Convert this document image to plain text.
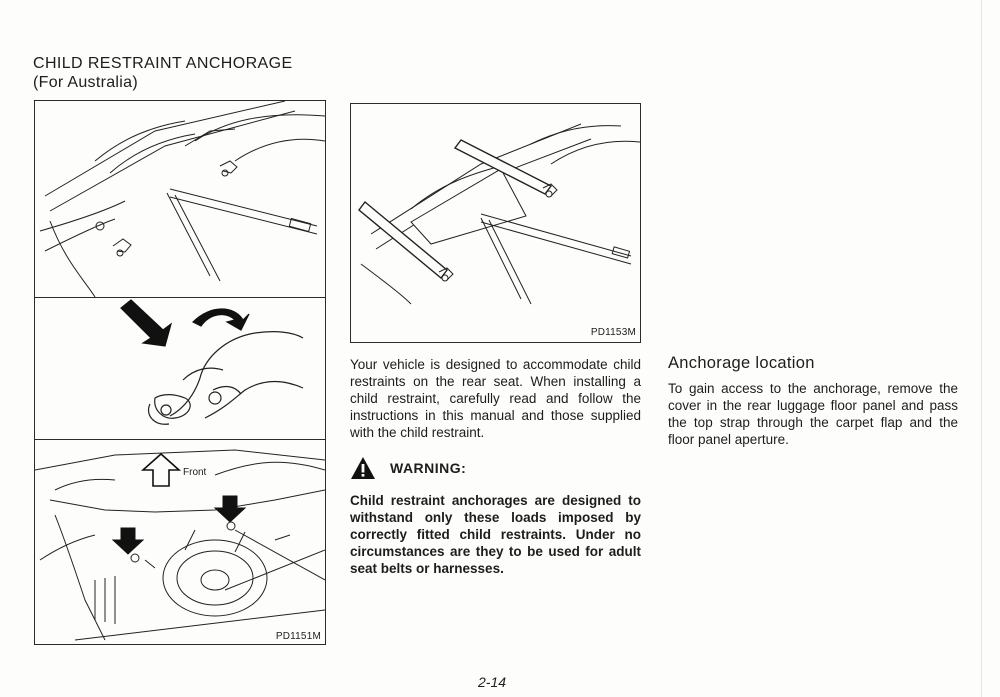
CHILD RESTRAINT ANCHORAGE
(For Australia)
Front
PD1151M
PD1153M

Your vehicle is designed to accommodate child restraints on the rear seat. When installing a child restraint, carefully read and follow the instructions in this manual and those supplied with the child restraint.

WARNING:

Child restraint anchorages are designed to withstand only these loads imposed by correctly fitted child restraints. Under no circumstances are they to be used for adult seat belts or harnesses.

Anchorage location

To gain access to the anchorage, remove the cover in the rear luggage floor panel and pass the top strap through the carpet flap and the floor panel aperture.

2-14
